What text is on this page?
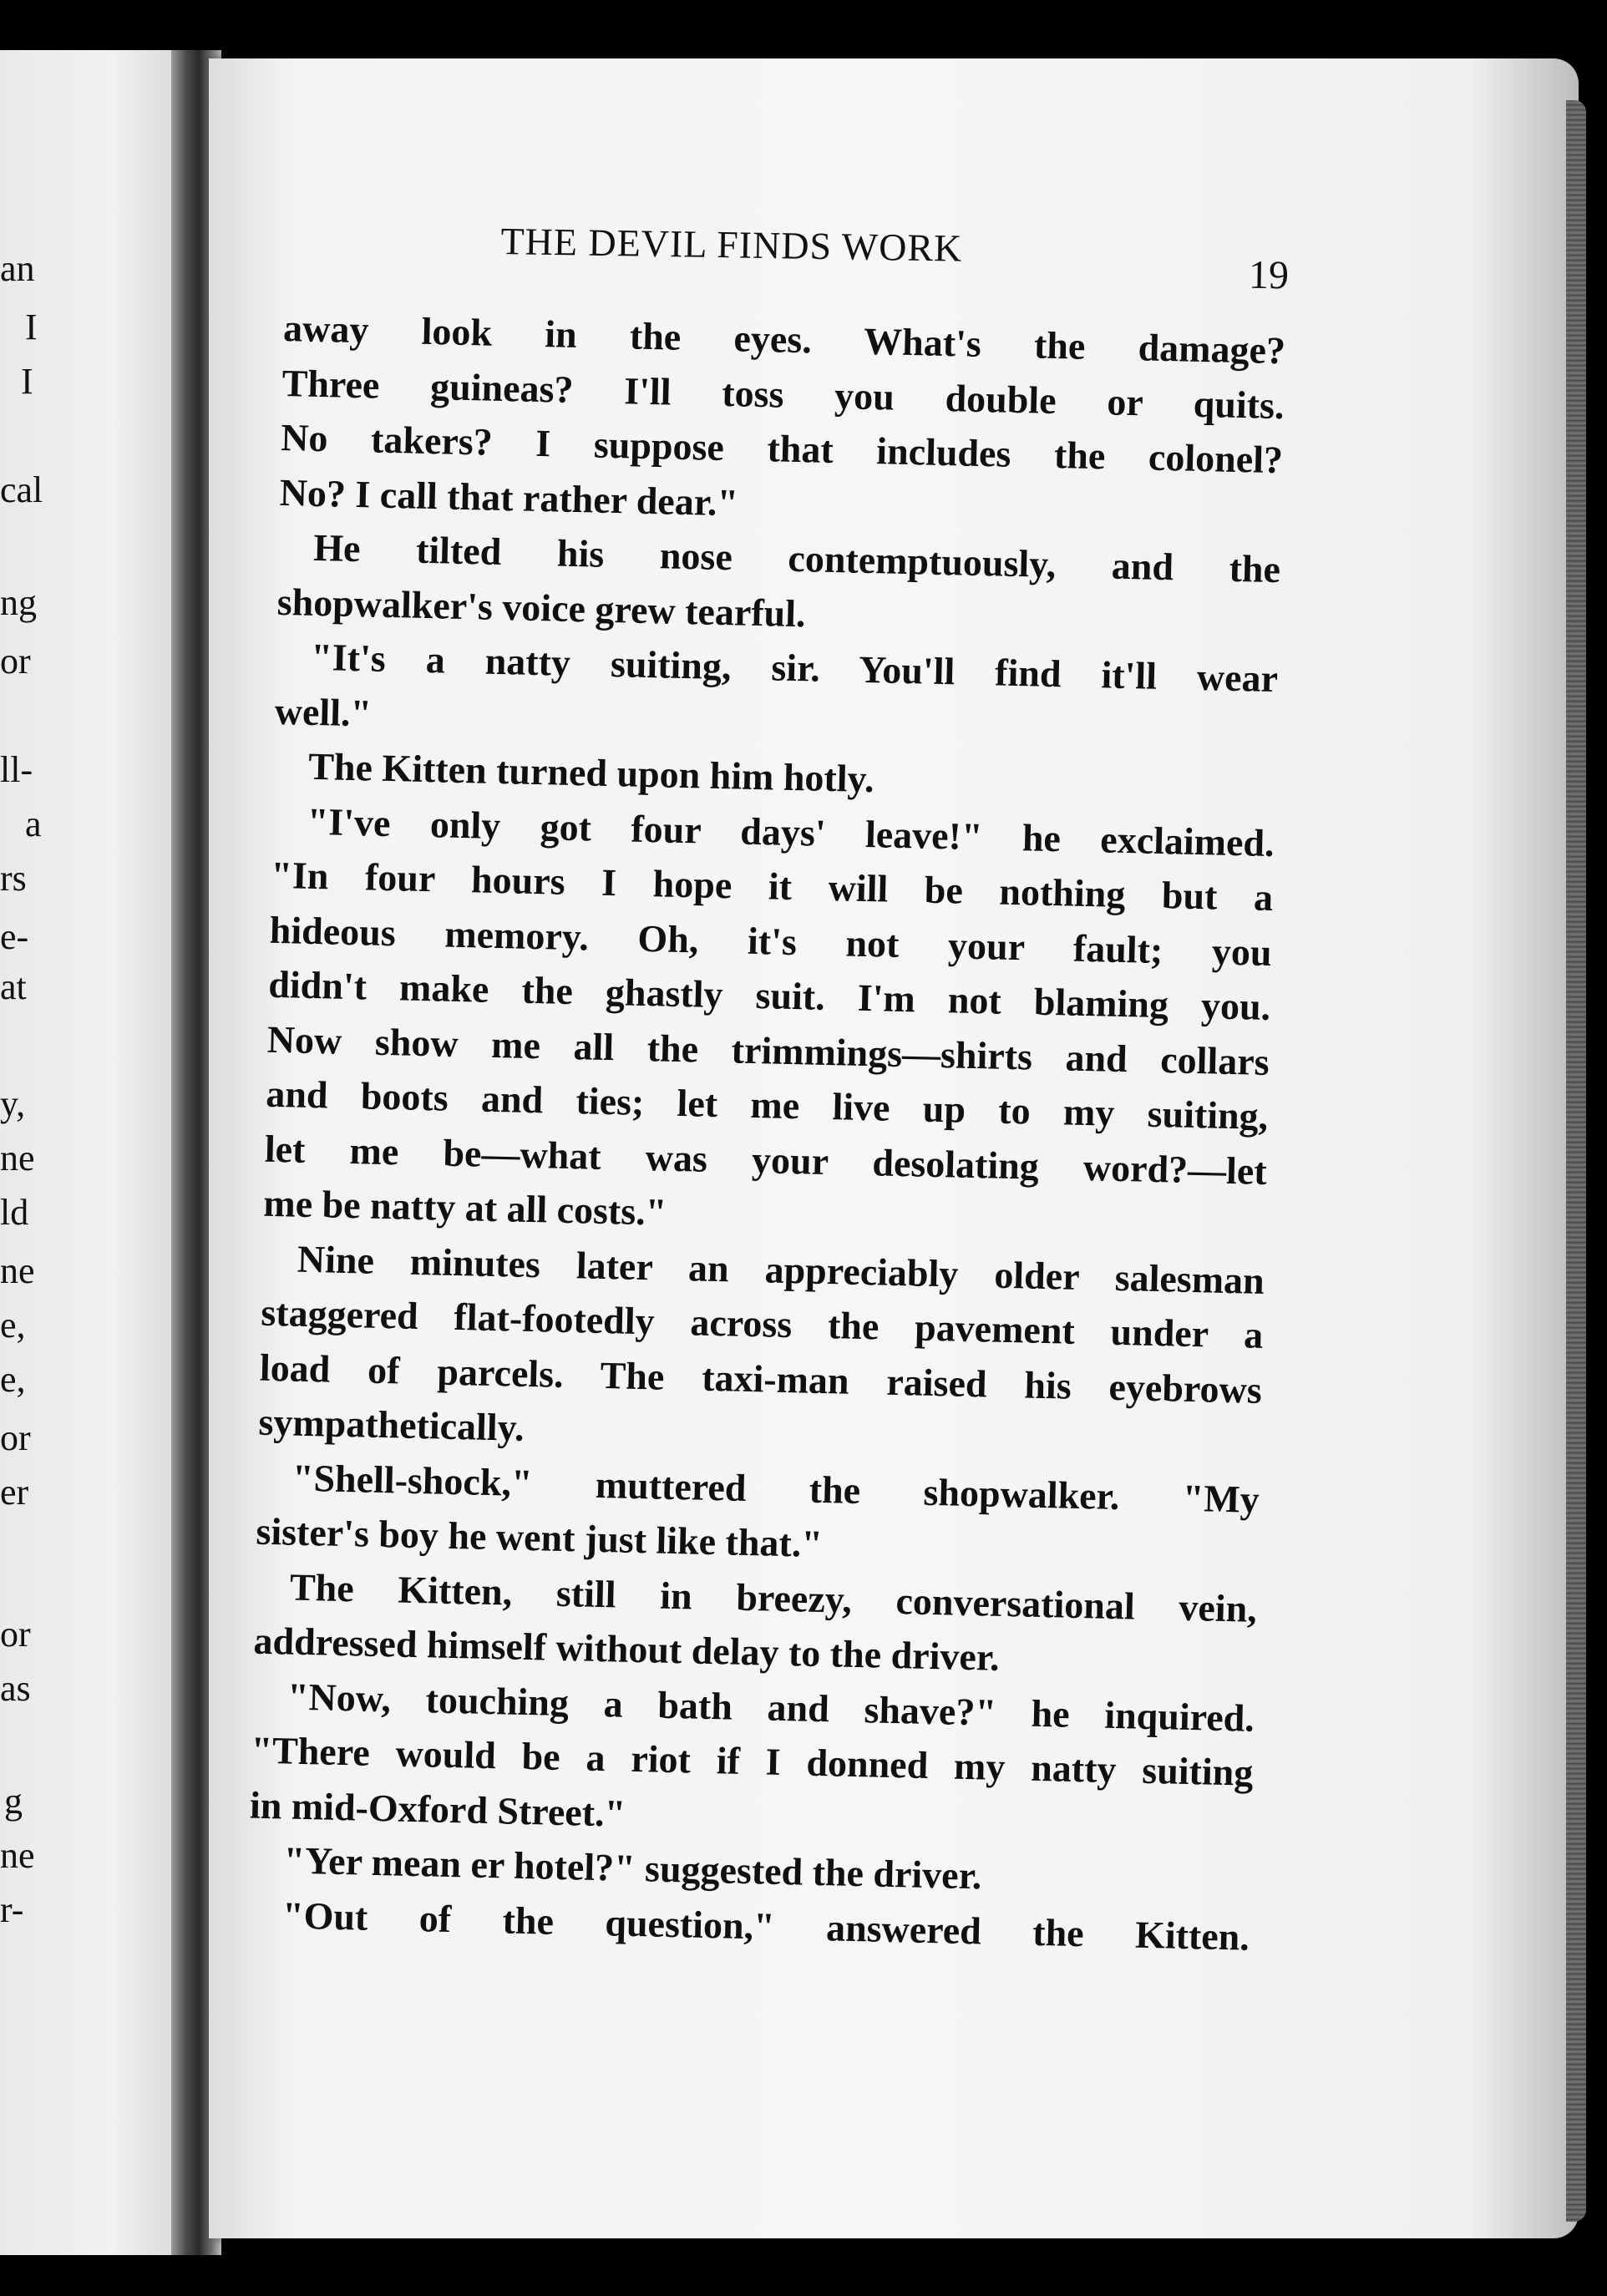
an
I
I
cal
ng
or
ll-
a
rs
e-
at
y,
ne
ld
ne
e,
e,
or
er
or
as
g
ne
r-
THE DEVIL FINDS WORK
19
away look in the eyes. What's the damage?
Three guineas? I'll toss you double or quits.
No takers? I suppose that includes the colonel?
No? I call that rather dear."
He tilted his nose contemptuously, and the
shopwalker's voice grew tearful.
"It's a natty suiting, sir. You'll find it'll wear
well."
The Kitten turned upon him hotly.
"I've only got four days' leave!" he exclaimed.
"In four hours I hope it will be nothing but a
hideous memory. Oh, it's not your fault; you
didn't make the ghastly suit. I'm not blaming you.
Now show me all the trimmings—shirts and collars
and boots and ties; let me live up to my suiting,
let me be—what was your desolating word?—let
me be natty at all costs."
Nine minutes later an appreciably older salesman
staggered flat-footedly across the pavement under a
load of parcels. The taxi-man raised his eyebrows
sympathetically.
"Shell-shock," muttered the shopwalker. "My
sister's boy he went just like that."
The Kitten, still in breezy, conversational vein,
addressed himself without delay to the driver.
"Now, touching a bath and shave?" he inquired.
"There would be a riot if I donned my natty suiting
in mid-Oxford Street."
"Yer mean er hotel?" suggested the driver.
"Out of the question," answered the Kitten.
